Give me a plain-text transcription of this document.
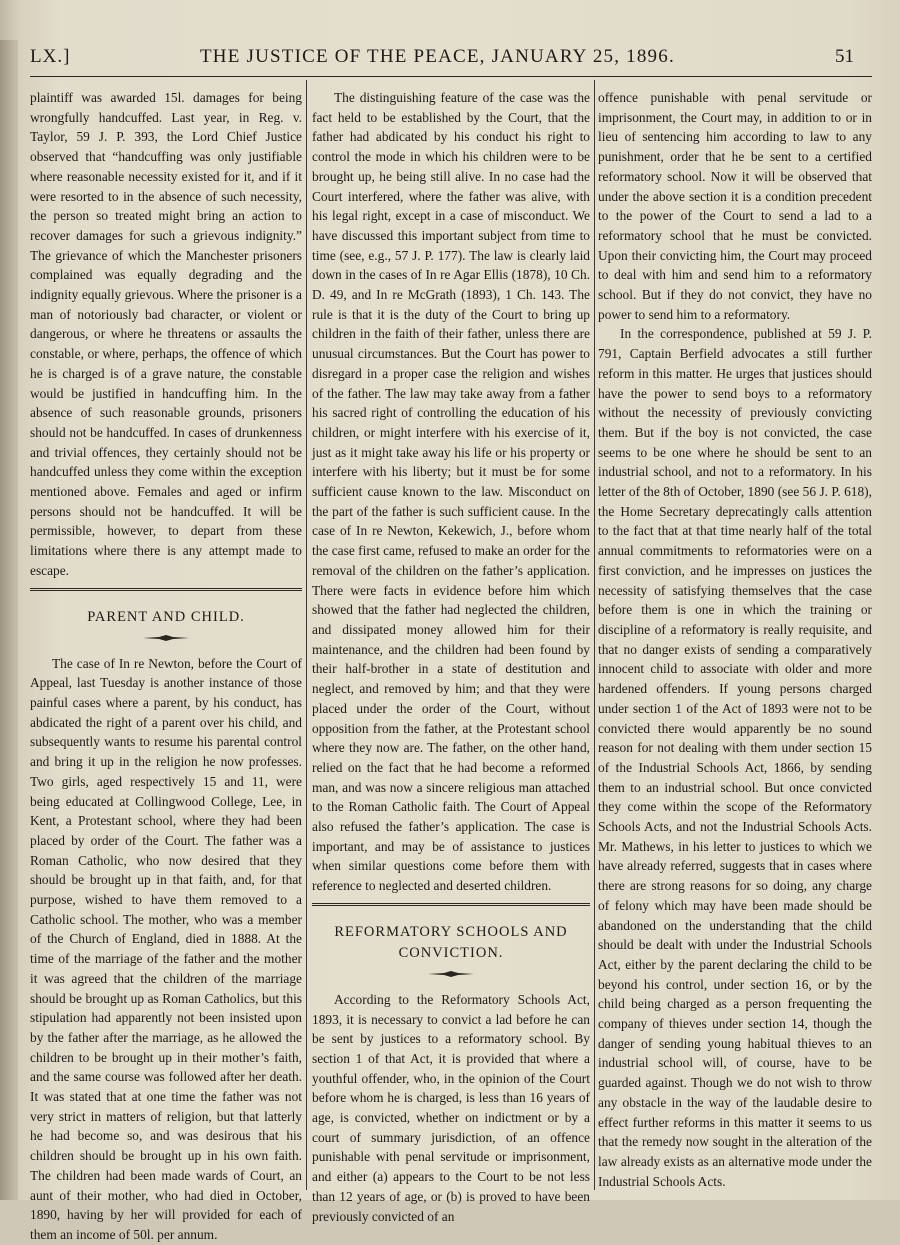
LX.]	THE JUSTICE OF THE PEACE, JANUARY 25, 1896.	51

plaintiff was awarded 15l. damages for being wrongfully handcuffed. Last year, in Reg. v. Taylor, 59 J. P. 393, the Lord Chief Justice observed that “handcuffing was only justifiable where reasonable necessity existed for it, and if it were resorted to in the absence of such necessity, the person so treated might bring an action to recover damages for such a grievous indignity.” The grievance of which the Manchester prisoners complained was equally degrading and the indignity equally grievous. Where the prisoner is a man of notoriously bad character, or violent or dangerous, or where he threatens or assaults the constable, or where, perhaps, the offence of which he is charged is of a grave nature, the constable would be justified in handcuffing him. In the absence of such reasonable grounds, prisoners should not be handcuffed. In cases of drunkenness and trivial offences, they certainly should not be handcuffed unless they come within the exception mentioned above. Females and aged or infirm persons should not be handcuffed. It will be permissible, however, to depart from these limitations where there is any attempt made to escape.

PARENT AND CHILD.

The case of In re Newton, before the Court of Appeal, last Tuesday is another instance of those painful cases where a parent, by his conduct, has abdicated the right of a parent over his child, and subsequently wants to resume his parental control and bring it up in the religion he now professes. Two girls, aged respectively 15 and 11, were being educated at Collingwood College, Lee, in Kent, a Protestant school, where they had been placed by order of the Court. The father was a Roman Catholic, who now desired that they should be brought up in that faith, and, for that purpose, wished to have them removed to a Catholic school. The mother, who was a member of the Church of England, died in 1888. At the time of the marriage of the father and the mother it was agreed that the children of the marriage should be brought up as Roman Catholics, but this stipulation had apparently not been insisted upon by the father after the marriage, as he allowed the children to be brought up in their mother’s faith, and the same course was followed after her death. It was stated that at one time the father was not very strict in matters of religion, but that latterly he had become so, and was desirous that his children should be brought up in his own faith. The children had been made wards of Court, an aunt of their mother, who had died in October, 1890, having by her will provided for each of them an income of 50l. per annum.

The distinguishing feature of the case was the fact held to be established by the Court, that the father had abdicated by his conduct his right to control the mode in which his children were to be brought up, he being still alive. In no case had the Court interfered, where the father was alive, with his legal right, except in a case of misconduct. We have discussed this important subject from time to time (see, e.g., 57 J. P. 177). The law is clearly laid down in the cases of In re Agar Ellis (1878), 10 Ch. D. 49, and In re McGrath (1893), 1 Ch. 143. The rule is that it is the duty of the Court to bring up children in the faith of their father, unless there are unusual circumstances. But the Court has power to disregard in a proper case the religion and wishes of the father. The law may take away from a father his sacred right of controlling the education of his children, or might interfere with his exercise of it, just as it might take away his life or his property or interfere with his liberty; but it must be for some sufficient cause known to the law. Misconduct on the part of the father is such sufficient cause. In the case of In re Newton, Kekewich, J., before whom the case first came, refused to make an order for the removal of the children on the father’s application. There were facts in evidence before him which showed that the father had neglected the children, and dissipated money allowed him for their maintenance, and the children had been found by their half-brother in a state of destitution and neglect, and removed by him; and that they were placed under the order of the Court, without opposition from the father, at the Protestant school where they now are. The father, on the other hand, relied on the fact that he had become a reformed man, and was now a sincere religious man attached to the Roman Catholic faith. The Court of Appeal also refused the father’s application. The case is important, and may be of assistance to justices when similar questions come before them with reference to neglected and deserted children.

REFORMATORY SCHOOLS AND CONVICTION.

According to the Reformatory Schools Act, 1893, it is necessary to convict a lad before he can be sent by justices to a reformatory school. By section 1 of that Act, it is provided that where a youthful offender, who, in the opinion of the Court before whom he is charged, is less than 16 years of age, is convicted, whether on indictment or by a court of summary jurisdiction, of an offence punishable with penal servitude or imprisonment, and either (a) appears to the Court to be not less than 12 years of age, or (b) is proved to have been previously convicted of an

offence punishable with penal servitude or imprisonment, the Court may, in addition to or in lieu of sentencing him according to law to any punishment, order that he be sent to a certified reformatory school. Now it will be observed that under the above section it is a condition precedent to the power of the Court to send a lad to a reformatory school that he must be convicted. Upon their convicting him, the Court may proceed to deal with him and send him to a reformatory school. But if they do not convict, they have no power to send him to a reformatory.

In the correspondence, published at 59 J. P. 791, Captain Berfield advocates a still further reform in this matter. He urges that justices should have the power to send boys to a reformatory without the necessity of previously convicting them. But if the boy is not convicted, the case seems to be one where he should be sent to an industrial school, and not to a reformatory. In his letter of the 8th of October, 1890 (see 56 J. P. 618), the Home Secretary deprecatingly calls attention to the fact that at that time nearly half of the total annual commitments to reformatories were on a first conviction, and he impresses on justices the necessity of satisfying themselves that the case before them is one in which the training or discipline of a reformatory is really requisite, and that no danger exists of sending a comparatively innocent child to associate with older and more hardened offenders. If young persons charged under section 1 of the Act of 1893 were not to be convicted there would apparently be no sound reason for not dealing with them under section 15 of the Industrial Schools Act, 1866, by sending them to an industrial school. But once convicted they come within the scope of the Reformatory Schools Acts, and not the Industrial Schools Acts. Mr. Mathews, in his letter to justices to which we have already referred, suggests that in cases where there are strong reasons for so doing, any charge of felony which may have been made should be abandoned on the understanding that the child should be dealt with under the Industrial Schools Act, either by the parent declaring the child to be beyond his control, under section 16, or by the child being charged as a person frequenting the company of thieves under section 14, though the danger of sending young habitual thieves to an industrial school will, of course, have to be guarded against. Though we do not wish to throw any obstacle in the way of the laudable desire to effect further reforms in this matter it seems to us that the remedy now sought in the alteration of the law already exists as an alternative mode under the Industrial Schools Acts.
